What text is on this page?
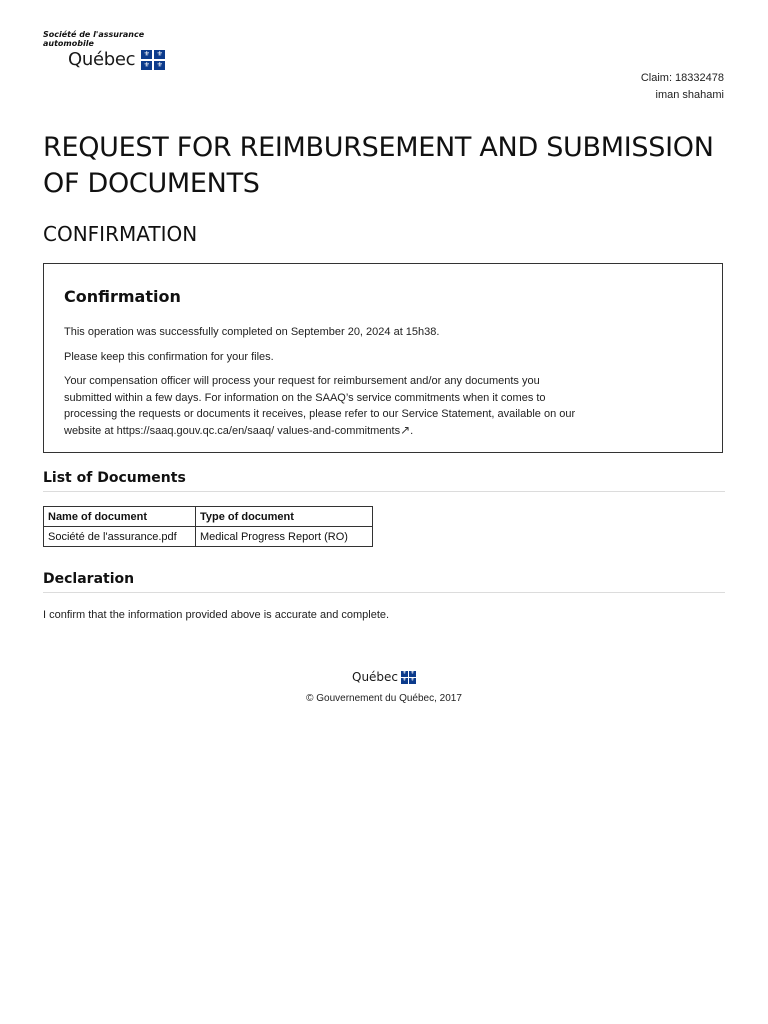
Société de l'assurance
automobile
Québec	⚜ ⚜
⚜ ⚜
Claim: 18332478
iman shahami
REQUEST FOR REIMBURSEMENT AND SUBMISSION OF DOCUMENTS
CONFIRMATION
Confirmation

This operation was successfully completed on September 20, 2024 at 15h38.

Please keep this confirmation for your files.

Your compensation officer will process your request for reimbursement and/or any documents you submitted within a few days. For information on the SAAQ’s service commitments when it comes to processing the requests or documents it receives, please refer to our Service Statement, available on our website at https://saaq.gouv.qc.ca/en/saaq/ values-and-commitments↗.

List of Documents
Name of document	Type of document
Société de l'assurance.pdf	Medical Progress Report (RO)
Declaration

I confirm that the information provided above is accurate and complete.

Québec ⚜ ⚜
⚜ ⚜

© Gouvernement du Québec, 2017
